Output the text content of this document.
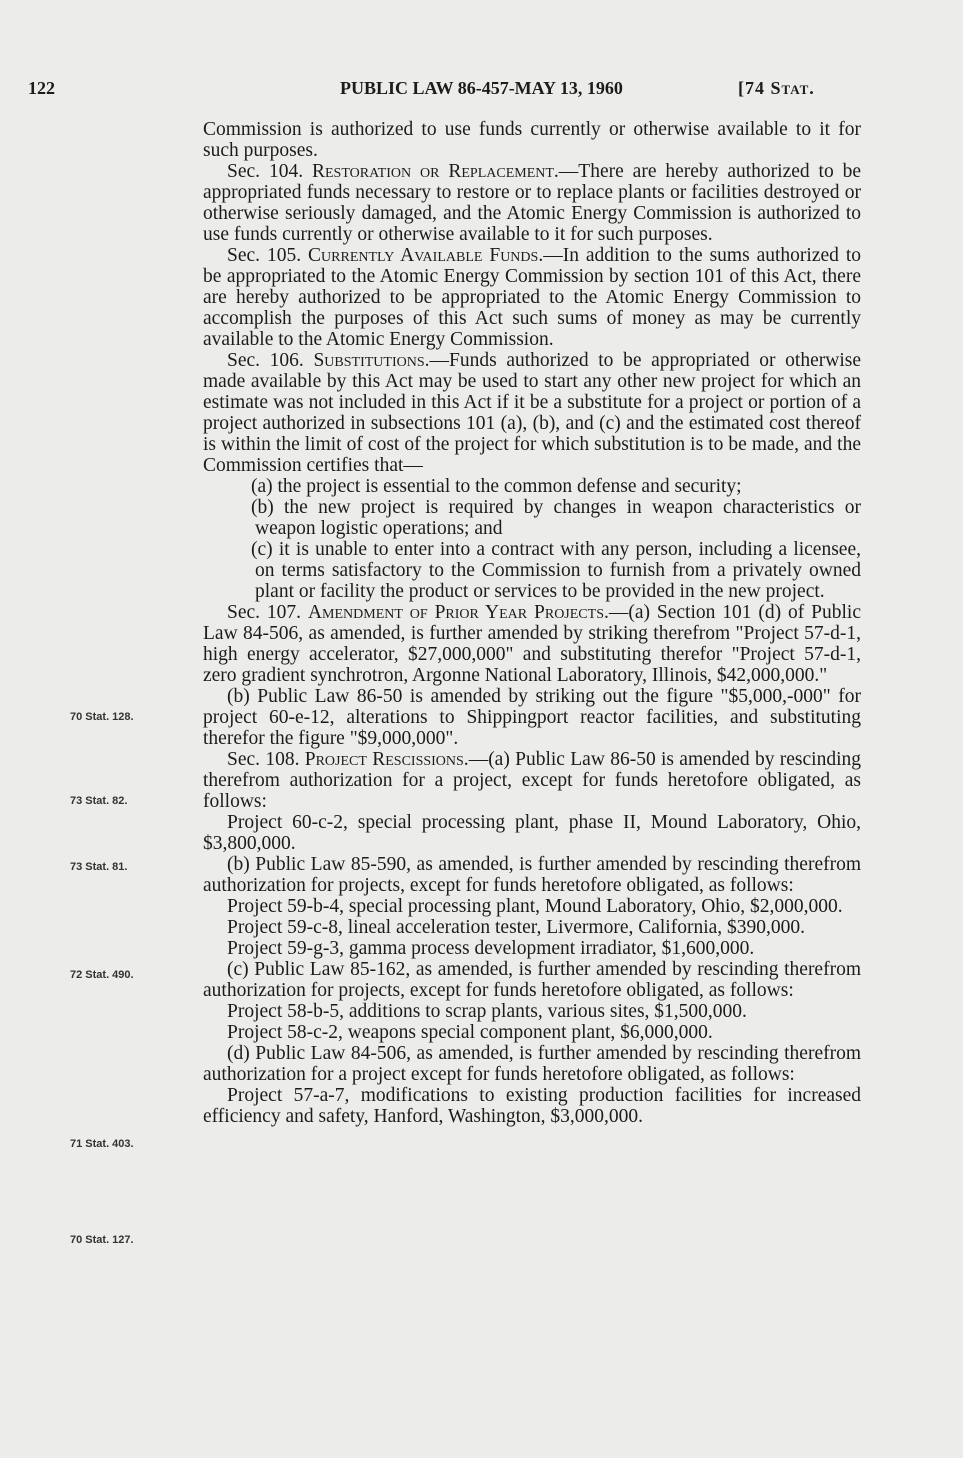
122	PUBLIC LAW 86-457-MAY 13, 1960	[74 Stat.
70 Stat. 128.
73 Stat. 82.
73 Stat. 81.
72 Stat. 490.
71 Stat. 403.
70 Stat. 127.

Commission is authorized to use funds currently or otherwise available to it for such purposes.

Sec. 104. Restoration or Replacement.—There are hereby authorized to be appropriated funds necessary to restore or to replace plants or facilities destroyed or otherwise seriously damaged, and the Atomic Energy Commission is authorized to use funds currently or otherwise available to it for such purposes.

Sec. 105. Currently Available Funds.—In addition to the sums authorized to be appropriated to the Atomic Energy Commission by section 101 of this Act, there are hereby authorized to be appropriated to the Atomic Energy Commission to accomplish the purposes of this Act such sums of money as may be currently available to the Atomic Energy Commission.

Sec. 106. Substitutions.—Funds authorized to be appropriated or otherwise made available by this Act may be used to start any other new project for which an estimate was not included in this Act if it be a substitute for a project or portion of a project authorized in subsections 101 (a), (b), and (c) and the estimated cost thereof is within the limit of cost of the project for which substitution is to be made, and the Commission certifies that—

(a) the project is essential to the common defense and security;

(b) the new project is required by changes in weapon characteristics or weapon logistic operations; and

(c) it is unable to enter into a contract with any person, including a licensee, on terms satisfactory to the Commission to furnish from a privately owned plant or facility the product or services to be provided in the new project.

Sec. 107. Amendment of Prior Year Projects.—(a) Section 101 (d) of Public Law 84-506, as amended, is further amended by striking therefrom "Project 57-d-1, high energy accelerator, $27,000,000" and substituting therefor "Project 57-d-1, zero gradient synchrotron, Argonne National Laboratory, Illinois, $42,000,000."

(b) Public Law 86-50 is amended by striking out the figure "$5,000,-000" for project 60-e-12, alterations to Shippingport reactor facilities, and substituting therefor the figure "$9,000,000".

Sec. 108. Project Rescissions.—(a) Public Law 86-50 is amended by rescinding therefrom authorization for a project, except for funds heretofore obligated, as follows:

Project 60-c-2, special processing plant, phase II, Mound Laboratory, Ohio, $3,800,000.

(b) Public Law 85-590, as amended, is further amended by rescinding therefrom authorization for projects, except for funds heretofore obligated, as follows:

Project 59-b-4, special processing plant, Mound Laboratory, Ohio, $2,000,000.

Project 59-c-8, lineal acceleration tester, Livermore, California, $390,000.

Project 59-g-3, gamma process development irradiator, $1,600,000.

(c) Public Law 85-162, as amended, is further amended by rescinding therefrom authorization for projects, except for funds heretofore obligated, as follows:

Project 58-b-5, additions to scrap plants, various sites, $1,500,000.

Project 58-c-2, weapons special component plant, $6,000,000.

(d) Public Law 84-506, as amended, is further amended by rescinding therefrom authorization for a project except for funds heretofore obligated, as follows:

Project 57-a-7, modifications to existing production facilities for increased efficiency and safety, Hanford, Washington, $3,000,000.
